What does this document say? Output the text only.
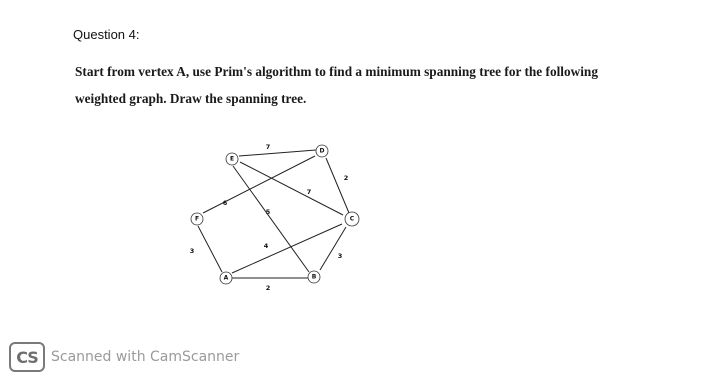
Question 4:
Start from vertex A, use Prim's algorithm to find a minimum spanning tree for the following
weighted graph. Draw the spanning tree.
A	B
C
D
E
F
7
2
3
2
3
6
5
7
4
CS Scanned with CamScanner
